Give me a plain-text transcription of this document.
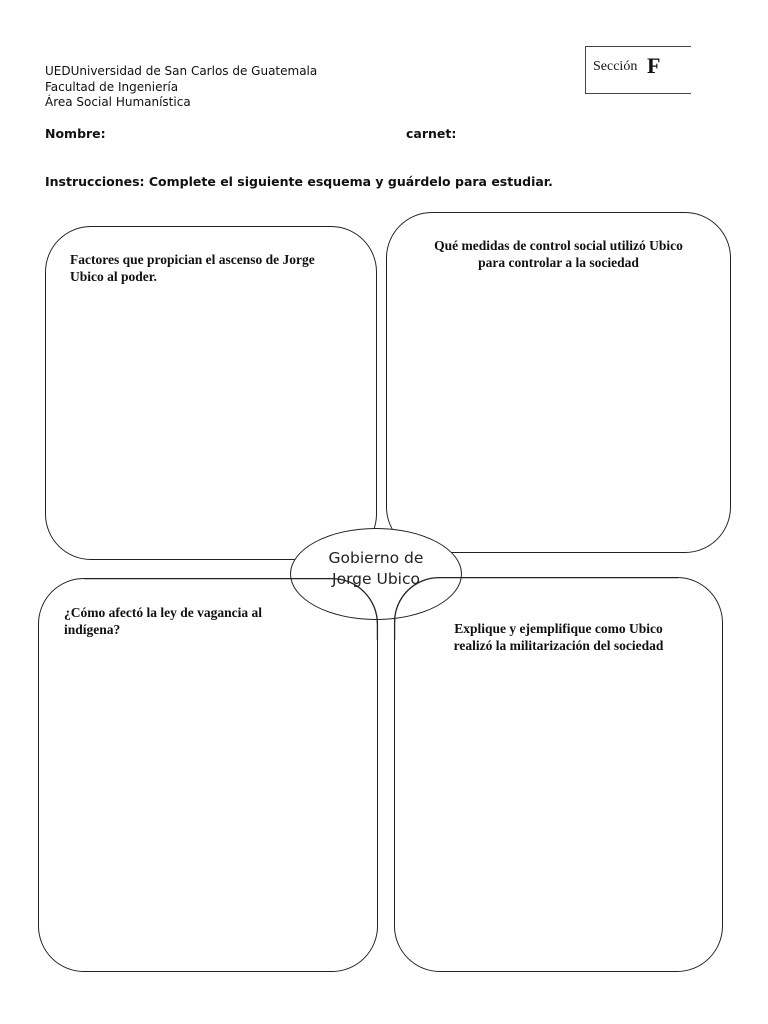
UEDUniversidad de San Carlos de Guatemala
Facultad de Ingeniería
Área Social Humanística
Sección F
Nombre:	carnet:
Instrucciones: Complete el siguiente esquema y guárdelo para estudiar.
Factores que propician el ascenso de Jorge
Ubico al poder.
Qué medidas de control social utilizó Ubico
para controlar a la sociedad
¿Cómo afectó la ley de vagancia al
indígena?	Explique y ejemplifique como Ubico
realizó la militarización del sociedad
Gobierno de
Jorge Ubico
